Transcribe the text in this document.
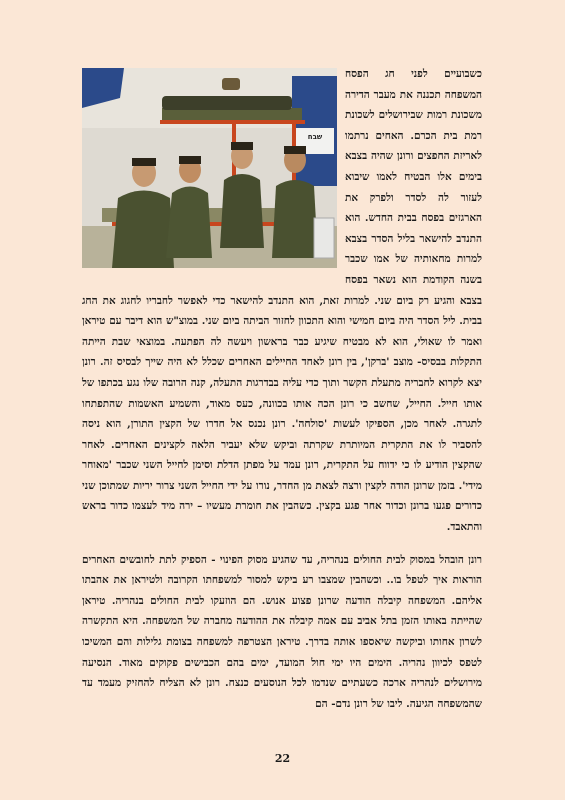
שבח

כשבועיים לפני חג הפסח המשפחה תכננה את מעבר הדירה משכונת רמות שבירושלים לשכונת רמת בית הכרם. האחים נרתמו לאריזת החפצים ורונן שהיה בצבא בימים אלו הבטיח לאמו שיבוא לעזור לה לסדר ולפרק את הארגזים בפסח בבית החדש. הוא התנדב להישאר בליל הסדר בצבא למרות מחאותיה של אמו שכבר בשנה הקודמת הוא נשאר בפסח בצבא והגיע רק ביום שני. למרות זאת, הוא התנדב להישאר כדי לאפשר לחבריו לחגוג את החג בבית. ליל הסדר היה ביום חמישי והוא התכוון לחזור הביתה ביום שני. במוצ"ש הוא דיבר עם טיראן ואמר לו שאולי, הוא לא מבטיח שיגיע כבר בראשון ויעשה לה הפתעה. במוצאי שבת הייתה התקלות בבסיס- מוצב 'ברקן', בין רונן לאחד החיילים האחרים שכלל לא היה שייך לבסיס זה. רונן יצא לקרוא לחבריה מתעלת הקשר ותוך כדי עליה בבדרגות התעלה, קנה הרובה שלו נגע בכתפו של אותו חייל. החייל, שחשב כי רונן הכה אותו בכוונה, כעס מאוד, והשמיע האשמות שהתפתחו לתגרה. לאחר מכן, הספיקו לעשות 'סולחה'. רונן נכנס אל חדרו של הקצין התורן, הוא ניסה להסביר לו את התקרית המיותרת שקרתה וביקש שלא יעביר הלאה לקצינים האחרים. לאחר שהקצין הודיע לו כי ידווח על התקרית, רונן עמד על מפתן הדלת וסימן לחייל השני שכבר 'מאוחר מידי'. בזמן שרונן הודה לקצין ורצה לצאת מן החדר, נורו על ידי החייל השני צרור יריות שמתוכן שני כדורים פגעו ברונן וכדור אחר פגע בקצין. כשהבין את חומרת מעשיו – ירה מיד לעצמו כדור בראש והתאבד.

רונן הובהל במסוק לבית החולים בנהריה, עד שהגיע מסוק הפינוי - הספיק לתת לחובשים האחרים הוראות איך לטפל בו.. וכשהבין שמצבו רע ביקש למסור למשפחתו הקרובה ולטיראן את אהבתו אליהם. המשפחה קיבלה הודעה שרונן פצוע אנוש. הם הוזעקו לבית החולים בנהריה. טיראן שהייתה באותו הזמן בתל אביב עם אמה קיבלה את ההודעה מחברה של המשפחה. היא התקשרה לשרון אחותו וביקשה שיאספו אותה בדרך. טיראן הצטרפה למשפחה בצומת גלילות והם המשיכו לטפס לכיוון נהריה. הימים היו ימי חול המועד, ימים בהם הכבישים פקוקים מאוד. הנסיעה מירושלים לנהריה ארכה כשעתיים שנדמו לכל הנוסעים כנצח. רונן לא הצליח להחזיק מעמד עד שהמשפחה הגיעה. ליבו של רונן נדם- הם

22
